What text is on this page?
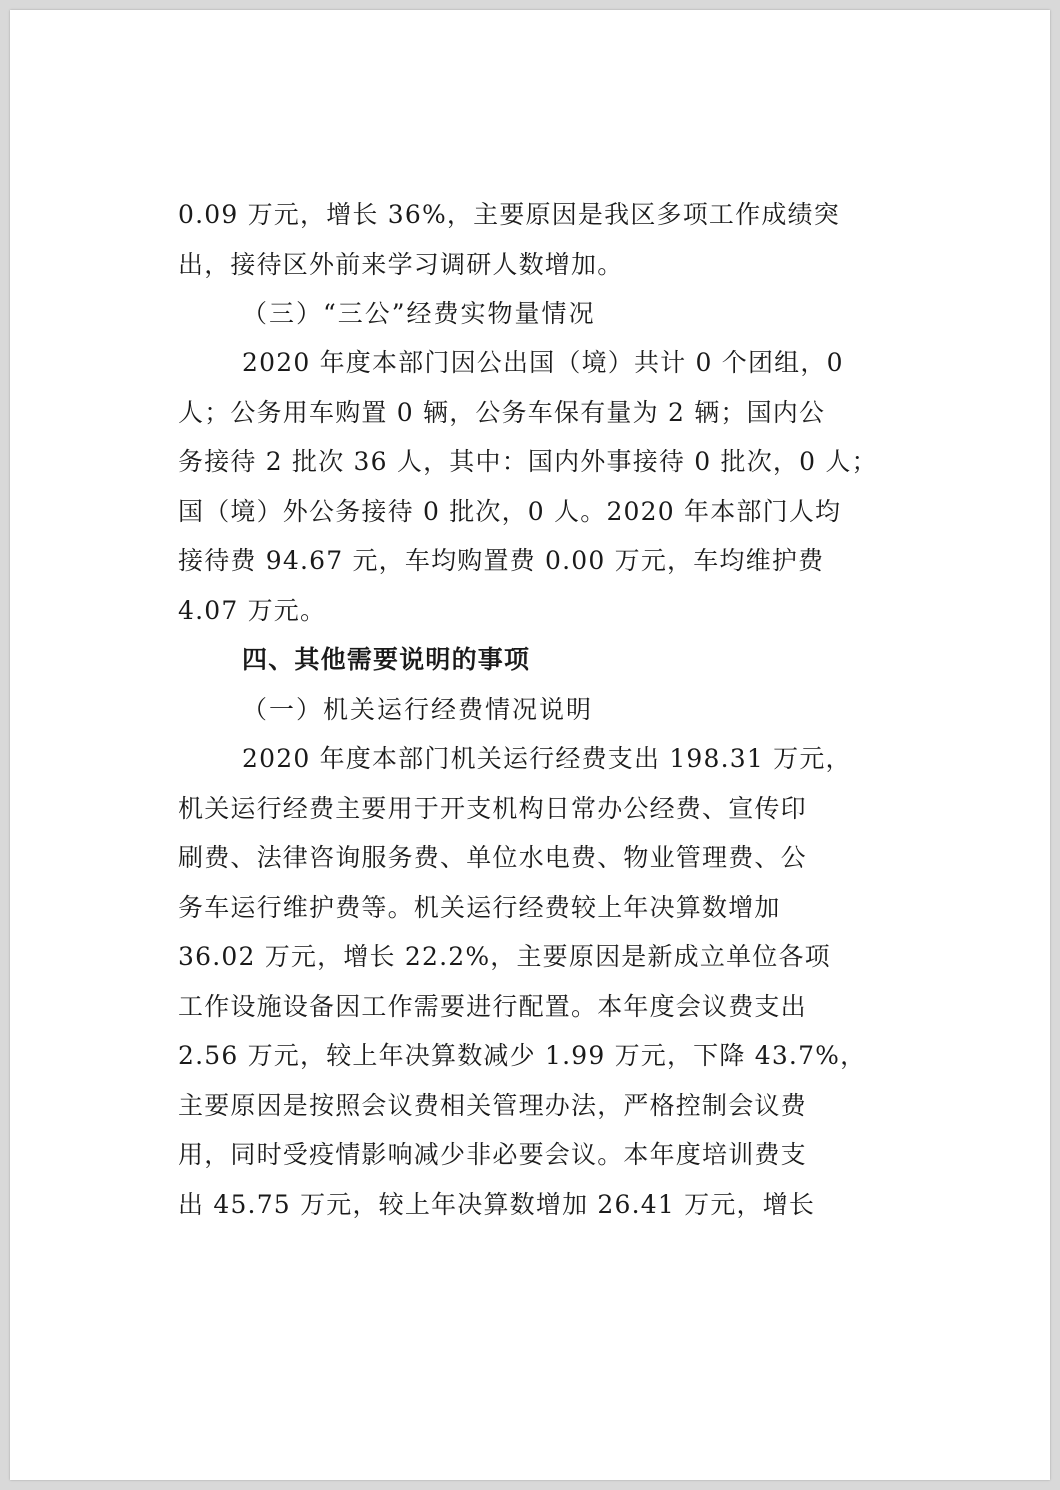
0.09 万元，增长 36%，主要原因是我区多项工作成绩突
出，接待区外前来学习调研人数增加。
（三）“三公”经费实物量情况
2020 年度本部门因公出国（境）共计 0 个团组，0
人；公务用车购置 0 辆，公务车保有量为 2 辆；国内公
务接待 2 批次 36 人，其中：国内外事接待 0 批次，0 人；
国（境）外公务接待 0 批次，0 人。2020 年本部门人均
接待费 94.67 元，车均购置费 0.00 万元，车均维护费
4.07 万元。
四、其他需要说明的事项
（一）机关运行经费情况说明
2020 年度本部门机关运行经费支出 198.31 万元，
机关运行经费主要用于开支机构日常办公经费、宣传印
刷费、法律咨询服务费、单位水电费、物业管理费、公
务车运行维护费等。机关运行经费较上年决算数增加
36.02 万元，增长 22.2%，主要原因是新成立单位各项
工作设施设备因工作需要进行配置。本年度会议费支出
2.56 万元，较上年决算数减少 1.99 万元，下降 43.7%，
主要原因是按照会议费相关管理办法，严格控制会议费
用，同时受疫情影响减少非必要会议。本年度培训费支
出 45.75 万元，较上年决算数增加 26.41 万元，增长
